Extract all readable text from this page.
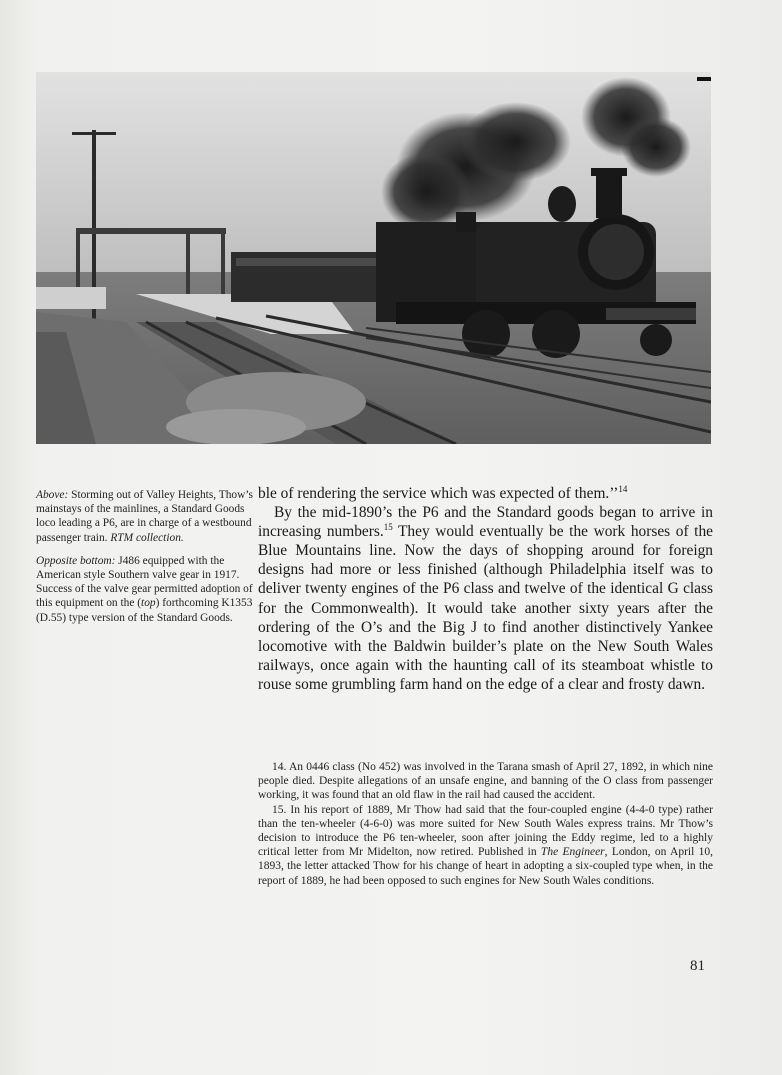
Above: Storming out of Valley Heights, Thow’s mainstays of the mainlines, a Standard Goods loco leading a P6, are in charge of a westbound passenger train. RTM collection.

Opposite bottom: J486 equipped with the American style Southern valve gear in 1917. Success of the valve gear permitted adoption of this equipment on the (top) forthcoming K1353 (D.55) type version of the Standard Goods.

ble of rendering the service which was expected of them.’’$^{14}$

By the mid-1890’s the P6 and the Standard goods began to arrive in increasing numbers.$^{15}$ They would eventually be the work horses of the Blue Mountains line. Now the days of shopping around for foreign designs had more or less finished (although Philadelphia itself was to deliver twenty engines of the P6 class and twelve of the identical G class for the Commonwealth). It would take another sixty years after the ordering of the O’s and the Big J to find another distinctively Yankee locomotive with the Baldwin builder’s plate on the New South Wales railways, once again with the haunting call of its steamboat whistle to rouse some grumbling farm hand on the edge of a clear and frosty dawn.

14. An 0446 class (No 452) was involved in the Tarana smash of April 27, 1892, in which nine people died. Despite allegations of an unsafe engine, and banning of the O class from passenger working, it was found that an old flaw in the rail had caused the accident.

15. In his report of 1889, Mr Thow had said that the four-coupled engine (4-4-0 type) rather than the ten-wheeler (4-6-0) was more suited for New South Wales express trains. Mr Thow’s decision to introduce the P6 ten-wheeler, soon after joining the Eddy regime, led to a highly critical letter from Mr Midelton, now retired. Published in The Engineer, London, on April 10, 1893, the letter attacked Thow for his change of heart in adopting a six-coupled type when, in the report of 1889, he had been opposed to such engines for New South Wales conditions.

81
